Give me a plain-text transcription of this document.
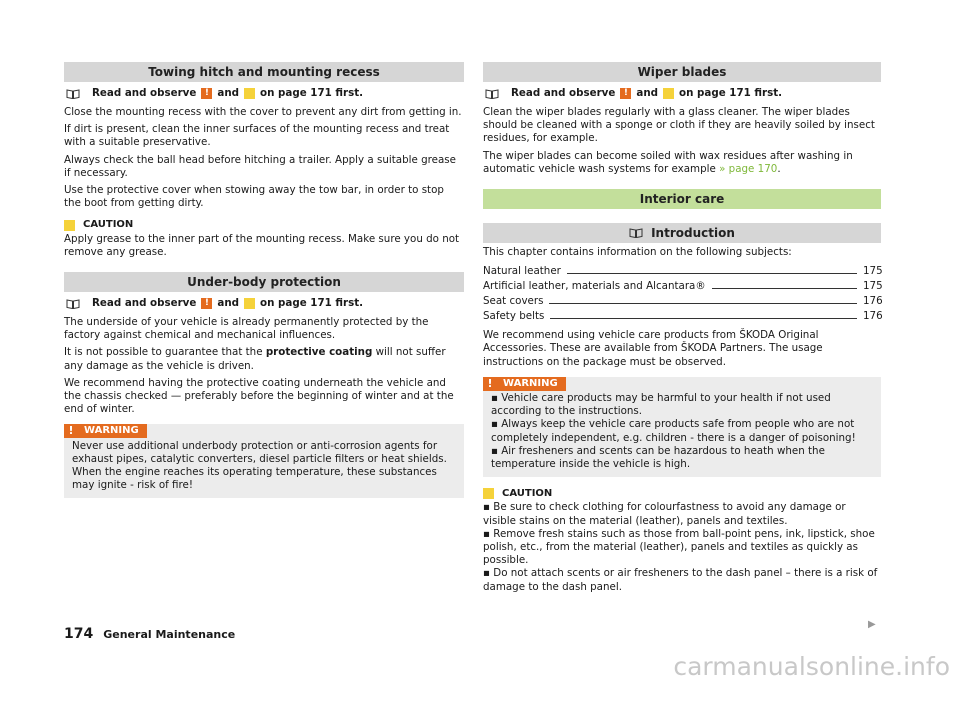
Towing hitch and mounting recess
Read and observe ! and on page 171 first.

Close the mounting recess with the cover to prevent any dirt from getting in.

If dirt is present, clean the inner surfaces of the mounting recess and treat with a suitable preservative.

Always check the ball head before hitching a trailer. Apply a suitable grease if necessary.

Use the protective cover when stowing away the tow bar, in order to stop the boot from getting dirty.

CAUTION

Apply grease to the inner part of the mounting recess. Make sure you do not remove any grease.

Under-body protection
Read and observe ! and on page 171 first.

The underside of your vehicle is already permanently protected by the factory against chemical and mechanical influences.

It is not possible to guarantee that the protective coating will not suffer any damage as the vehicle is driven.

We recommend having the protective coating underneath the vehicle and the chassis checked — preferably before the beginning of winter and at the end of winter.

!	WARNING
Never use additional underbody protection or anti-corrosion agents for exhaust pipes, catalytic converters, diesel particle filters or heat shields. When the engine reaches its operating temperature, these substances may ignite - risk of fire!
Wiper blades
Read and observe ! and on page 171 first.

Clean the wiper blades regularly with a glass cleaner. The wiper blades should be cleaned with a sponge or cloth if they are heavily soiled by insect residues, for example.

The wiper blades can become soiled with wax residues after washing in automatic vehicle wash systems for example » page 170.

Interior care
Introduction

This chapter contains information on the following subjects:

Natural leather	175
Artificial leather, materials and Alcantara®	175
Seat covers	176
Safety belts	176

We recommend using vehicle care products from ŠKODA Original Accessories. These are available from ŠKODA Partners. The usage instructions on the package must be observed.

!	WARNING
▪ Vehicle care products may be harmful to your health if not used according to the instructions.
▪ Always keep the vehicle care products safe from people who are not completely independent, e.g. children - there is a danger of poisoning!
▪ Air fresheners and scents can be hazardous to heath when the temperature inside the vehicle is high.
CAUTION
▪ Be sure to check clothing for colourfastness to avoid any damage or visible stains on the material (leather), panels and textiles.
▪ Remove fresh stains such as those from ball-point pens, ink, lipstick, shoe polish, etc., from the material (leather), panels and textiles as quickly as possible.
▪ Do not attach scents or air fresheners to the dash panel – there is a risk of damage to the dash panel.
▶
174 General Maintenance
carmanualsonline.info
